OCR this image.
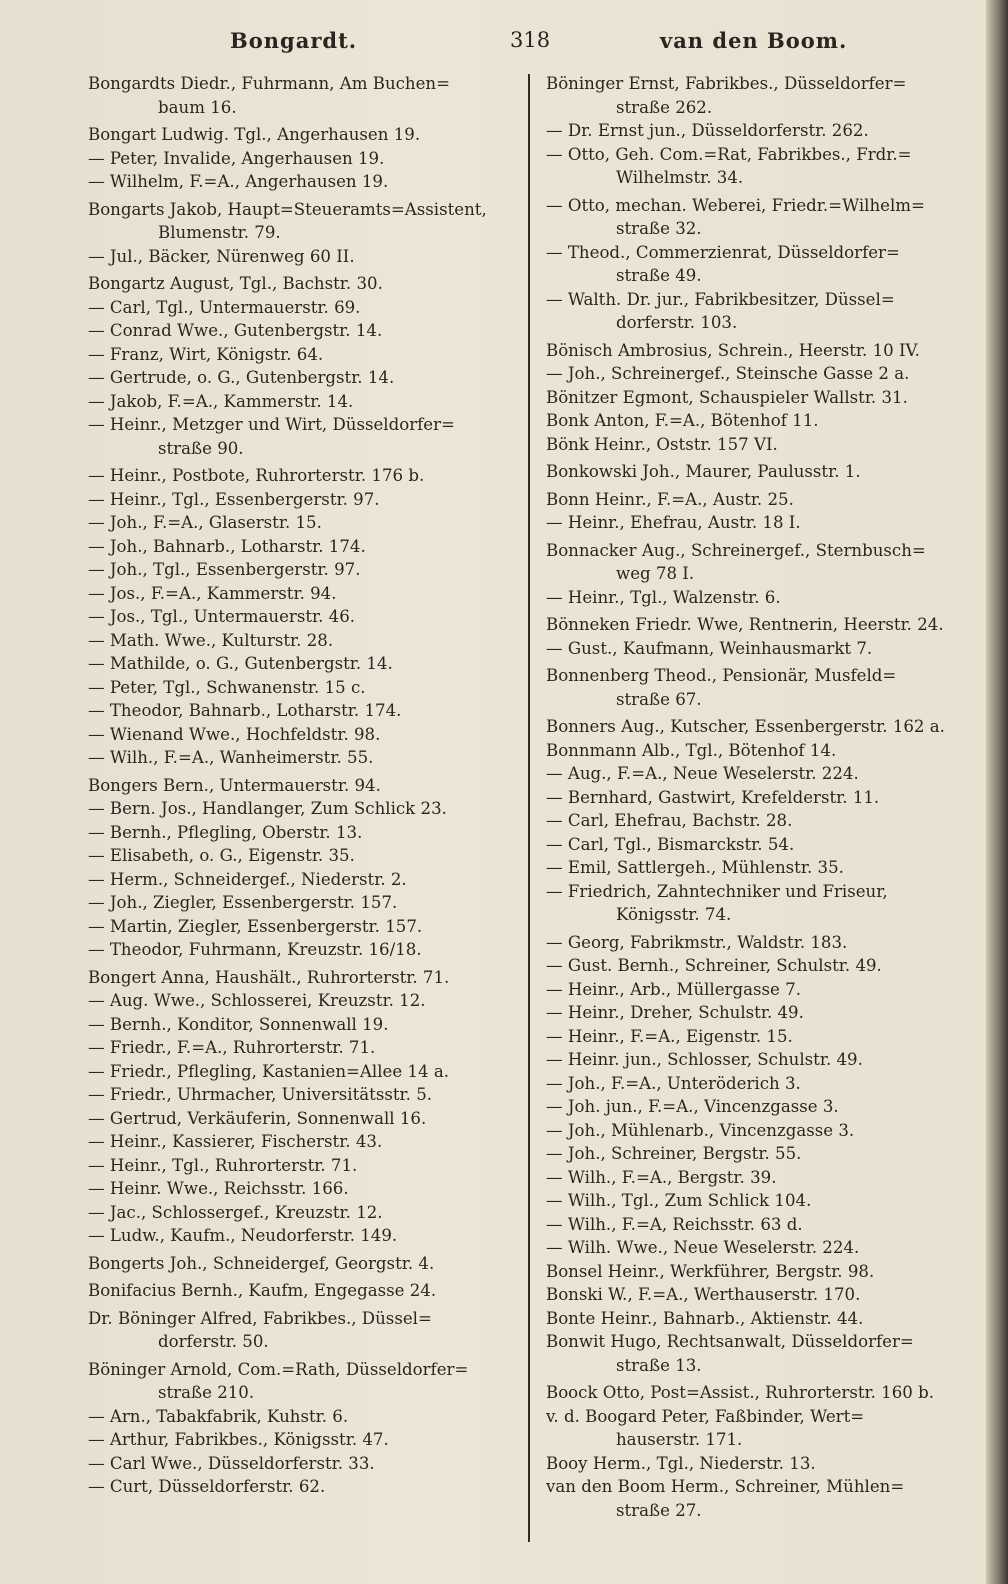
Bongardt.	318	van den Boom.
Bongardts Diedr., Fuhrmann, Am Buchen=
baum 16.
Bongart Ludwig. Tgl., Angerhausen 19.
— Peter, Invalide, Angerhausen 19.
— Wilhelm, F.=A., Angerhausen 19.
Bongarts Jakob, Haupt=Steueramts=Assistent,
Blumenstr. 79.
— Jul., Bäcker, Nürenweg 60 II.
Bongartz August, Tgl., Bachstr. 30.
— Carl, Tgl., Untermauerstr. 69.
— Conrad Wwe., Gutenbergstr. 14.
— Franz, Wirt, Königstr. 64.
— Gertrude, o. G., Gutenbergstr. 14.
— Jakob, F.=A., Kammerstr. 14.
— Heinr., Metzger und Wirt, Düsseldorfer=
straße 90.
— Heinr., Postbote, Ruhrorterstr. 176 b.
— Heinr., Tgl., Essenbergerstr. 97.
— Joh., F.=A., Glaserstr. 15.
— Joh., Bahnarb., Lotharstr. 174.
— Joh., Tgl., Essenbergerstr. 97.
— Jos., F.=A., Kammerstr. 94.
— Jos., Tgl., Untermauerstr. 46.
— Math. Wwe., Kulturstr. 28.
— Mathilde, o. G., Gutenbergstr. 14.
— Peter, Tgl., Schwanenstr. 15 c.
— Theodor, Bahnarb., Lotharstr. 174.
— Wienand Wwe., Hochfeldstr. 98.
— Wilh., F.=A., Wanheimerstr. 55.
Bongers Bern., Untermauerstr. 94.
— Bern. Jos., Handlanger, Zum Schlick 23.
— Bernh., Pflegling, Oberstr. 13.
— Elisabeth, o. G., Eigenstr. 35.
— Herm., Schneidergef., Niederstr. 2.
— Joh., Ziegler, Essenbergerstr. 157.
— Martin, Ziegler, Essenbergerstr. 157.
— Theodor, Fuhrmann, Kreuzstr. 16/18.
Bongert Anna, Haushält., Ruhrorterstr. 71.
— Aug. Wwe., Schlosserei, Kreuzstr. 12.
— Bernh., Konditor, Sonnenwall 19.
— Friedr., F.=A., Ruhrorterstr. 71.
— Friedr., Pflegling, Kastanien=Allee 14 a.
— Friedr., Uhrmacher, Universitätsstr. 5.
— Gertrud, Verkäuferin, Sonnenwall 16.
— Heinr., Kassierer, Fischerstr. 43.
— Heinr., Tgl., Ruhrorterstr. 71.
— Heinr. Wwe., Reichsstr. 166.
— Jac., Schlossergef., Kreuzstr. 12.
— Ludw., Kaufm., Neudorferstr. 149.
Bongerts Joh., Schneidergef, Georgstr. 4.
Bonifacius Bernh., Kaufm, Engegasse 24.
Dr. Böninger Alfred, Fabrikbes., Düssel=
dorferstr. 50.
Böninger Arnold, Com.=Rath, Düsseldorfer=
straße 210.
— Arn., Tabakfabrik, Kuhstr. 6.
— Arthur, Fabrikbes., Königsstr. 47.
— Carl Wwe., Düsseldorferstr. 33.
— Curt, Düsseldorferstr. 62.
Böninger Ernst, Fabrikbes., Düsseldorfer=
straße 262.
— Dr. Ernst jun., Düsseldorferstr. 262.
— Otto, Geh. Com.=Rat, Fabrikbes., Frdr.=
Wilhelmstr. 34.
— Otto, mechan. Weberei, Friedr.=Wilhelm=
straße 32.
— Theod., Commerzienrat, Düsseldorfer=
straße 49.
— Walth. Dr. jur., Fabrikbesitzer, Düssel=
dorferstr. 103.
Bönisch Ambrosius, Schrein., Heerstr. 10 IV.
— Joh., Schreinergef., Steinsche Gasse 2 a.
Bönitzer Egmont, Schauspieler Wallstr. 31.
Bonk Anton, F.=A., Bötenhof 11.
Bönk Heinr., Oststr. 157 VI.
Bonkowski Joh., Maurer, Paulusstr. 1.
Bonn Heinr., F.=A., Austr. 25.
— Heinr., Ehefrau, Austr. 18 I.
Bonnacker Aug., Schreinergef., Sternbusch=
weg 78 I.
— Heinr., Tgl., Walzenstr. 6.
Bönneken Friedr. Wwe, Rentnerin, Heerstr. 24.
— Gust., Kaufmann, Weinhausmarkt 7.
Bonnenberg Theod., Pensionär, Musfeld=
straße 67.
Bonners Aug., Kutscher, Essenbergerstr. 162 a.
Bonnmann Alb., Tgl., Bötenhof 14.
— Aug., F.=A., Neue Weselerstr. 224.
— Bernhard, Gastwirt, Krefelderstr. 11.
— Carl, Ehefrau, Bachstr. 28.
— Carl, Tgl., Bismarckstr. 54.
— Emil, Sattlergeh., Mühlenstr. 35.
— Friedrich, Zahntechniker und Friseur,
Königsstr. 74.
— Georg, Fabrikmstr., Waldstr. 183.
— Gust. Bernh., Schreiner, Schulstr. 49.
— Heinr., Arb., Müllergasse 7.
— Heinr., Dreher, Schulstr. 49.
— Heinr., F.=A., Eigenstr. 15.
— Heinr. jun., Schlosser, Schulstr. 49.
— Joh., F.=A., Unteröderich 3.
— Joh. jun., F.=A., Vincenzgasse 3.
— Joh., Mühlenarb., Vincenzgasse 3.
— Joh., Schreiner, Bergstr. 55.
— Wilh., F.=A., Bergstr. 39.
— Wilh., Tgl., Zum Schlick 104.
— Wilh., F.=A, Reichsstr. 63 d.
— Wilh. Wwe., Neue Weselerstr. 224.
Bonsel Heinr., Werkführer, Bergstr. 98.
Bonski W., F.=A., Werthauserstr. 170.
Bonte Heinr., Bahnarb., Aktienstr. 44.
Bonwit Hugo, Rechtsanwalt, Düsseldorfer=
straße 13.
Boock Otto, Post=Assist., Ruhrorterstr. 160 b.
v. d. Boogard Peter, Faßbinder, Wert=
hauserstr. 171.
Booy Herm., Tgl., Niederstr. 13.
van den Boom Herm., Schreiner, Mühlen=
straße 27.
